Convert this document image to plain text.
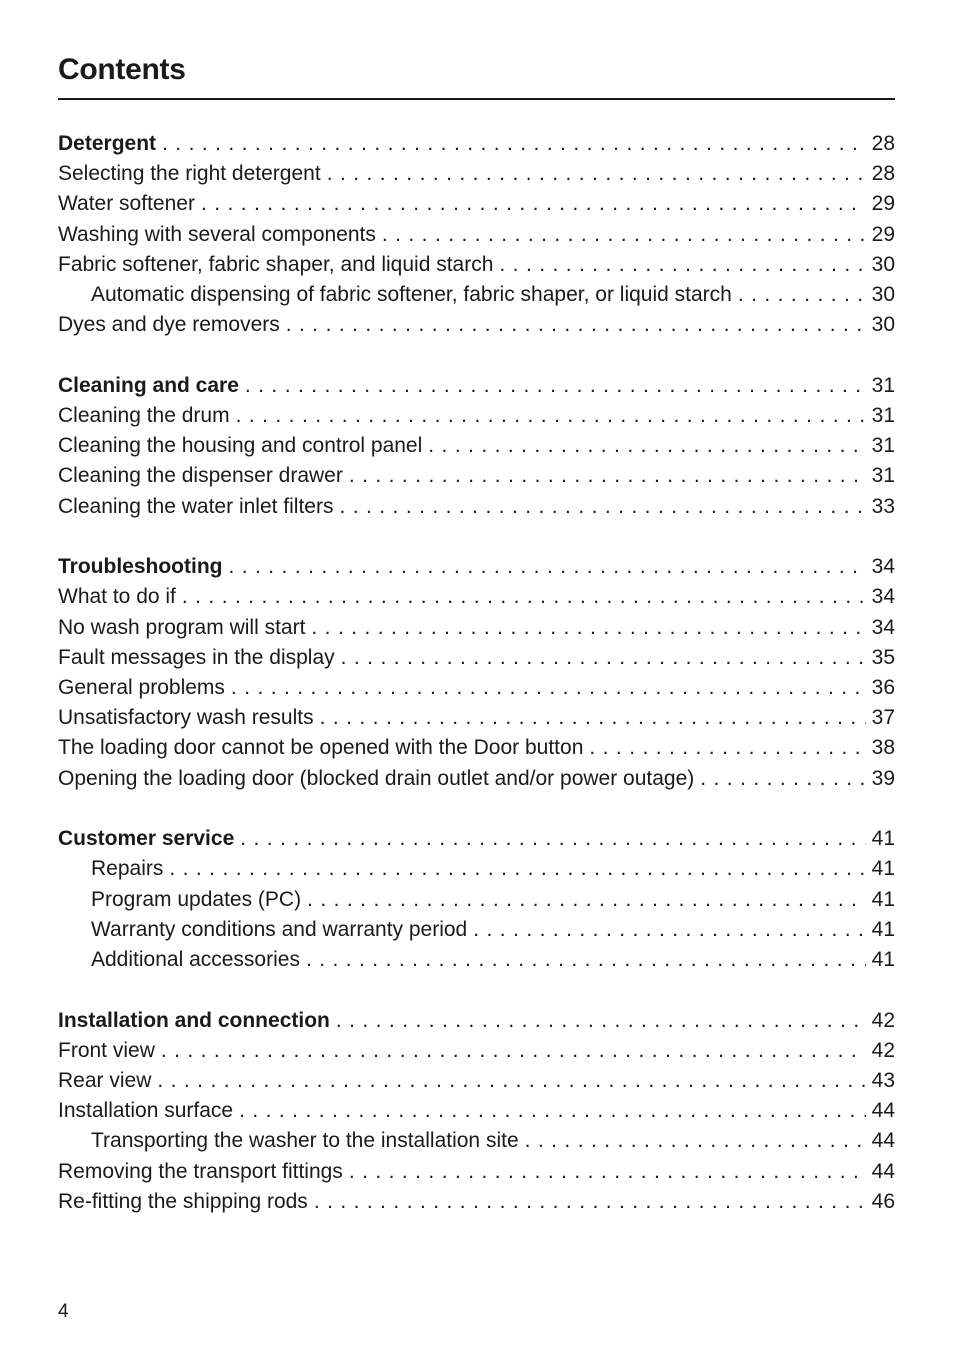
Contents
Detergent . . .	28
Selecting the right detergent . . .	28
Water softener . . .	29
Washing with several components . . .	29
Fabric softener, fabric shaper, and liquid starch . . .	30
Automatic dispensing of fabric softener, fabric shaper, or liquid starch . . .	30
Dyes and dye removers . . .	30
Cleaning and care . . .	31
Cleaning the drum . . .	31
Cleaning the housing and control panel . . .	31
Cleaning the dispenser drawer . . .	31
Cleaning the water inlet filters . . .	33
Troubleshooting . . .	34
What to do if . . .	34
No wash program will start . . .	34
Fault messages in the display . . .	35
General problems . . .	36
Unsatisfactory wash results . . .	37
The loading door cannot be opened with the Door button . . .	38
Opening the loading door (blocked drain outlet and/or power outage) . . .	39
Customer service . . .	41
Repairs . . .	41
Program updates (PC) . . .	41
Warranty conditions and warranty period . . .	41
Additional accessories . . .	41
Installation and connection . . .	42
Front view . . .	42
Rear view . . .	43
Installation surface . . .	44
Transporting the washer to the installation site . . .	44
Removing the transport fittings . . .	44
Re-fitting the shipping rods . . .	46
4
